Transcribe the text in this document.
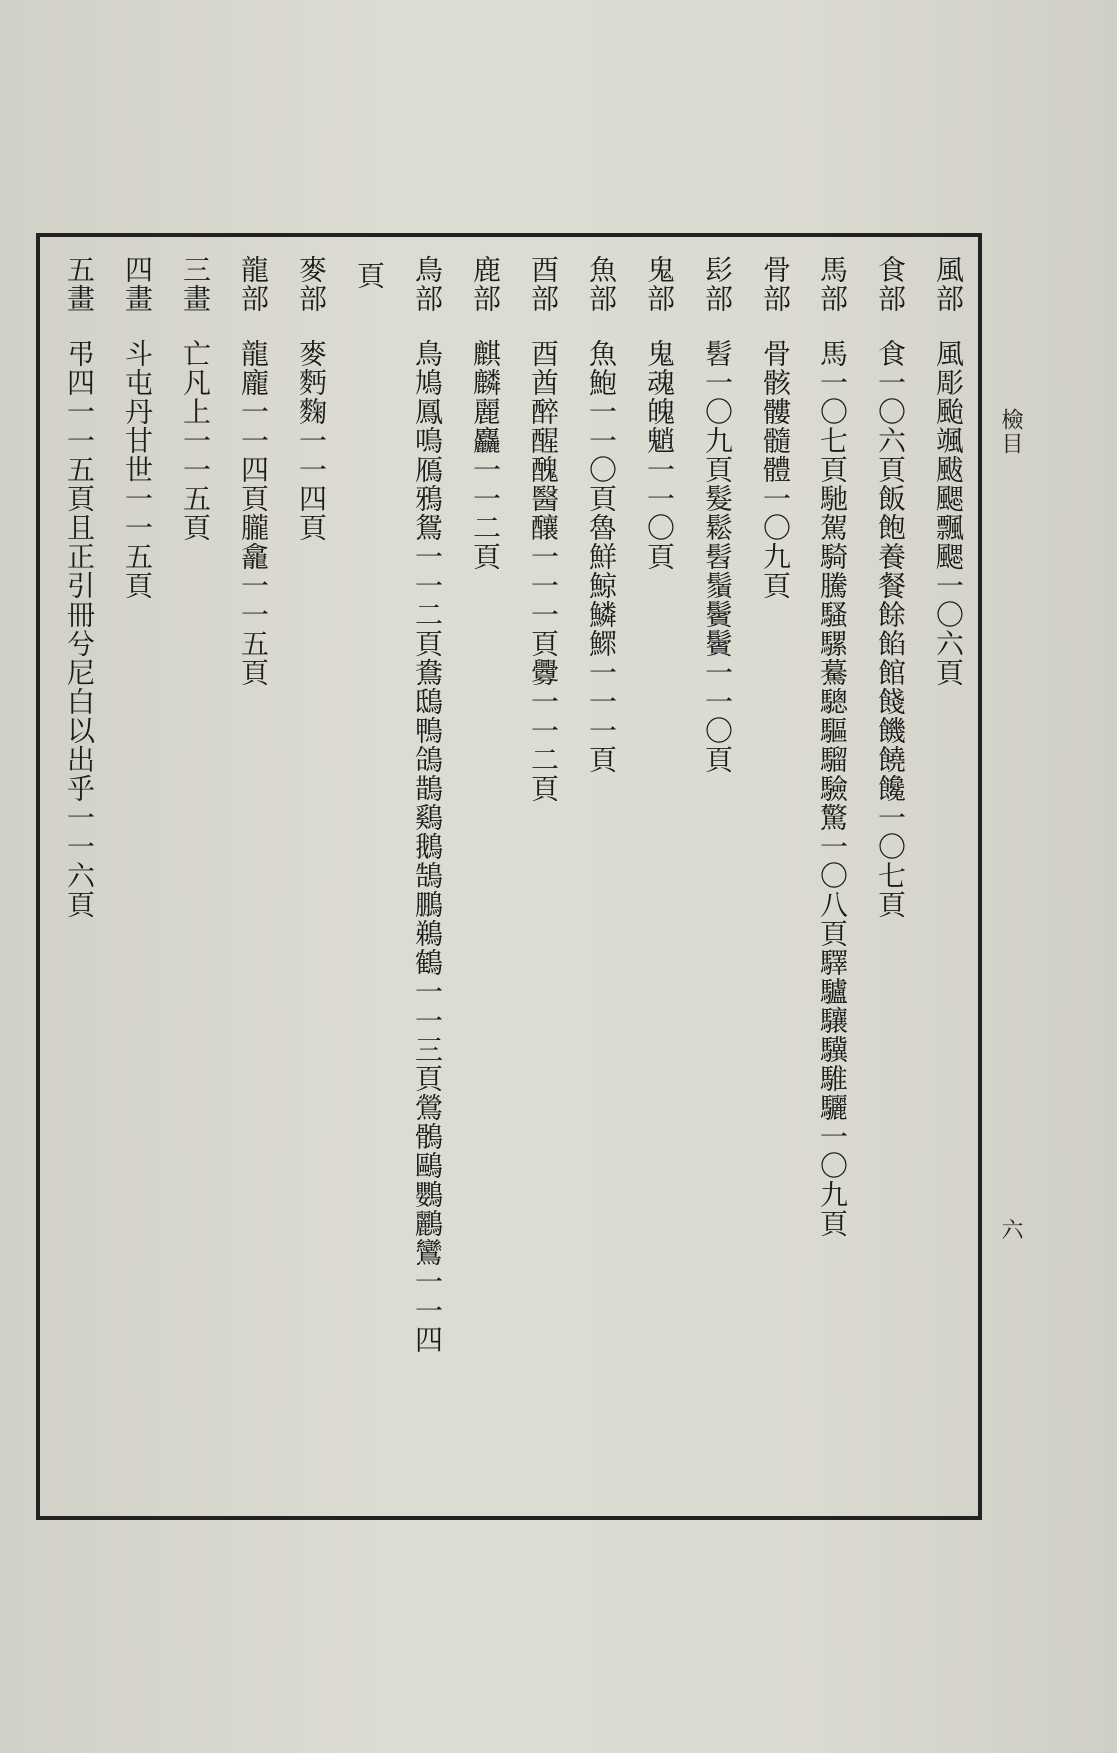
檢目
六
風部風彫颱颯颰颸飄颸一〇六頁
食部食一〇六頁飯飽養餐餘餡館餞饑饒饞一〇七頁
馬部馬一〇七頁馳駕騎騰騷騾驀驄驅騮驗驚一〇八頁驛驢驤驥騅驪一〇九頁
骨部骨骸髏髓體一〇九頁
髟部髫一〇九頁髮鬆髫鬚鬢鬢一一〇頁
鬼部鬼魂魄魈一一〇頁
魚部魚鮑一一〇頁魯鮮鯨鱗鰥一一一頁
酉部酉酋醉醒醜醫釀一一一頁釁一一二頁
鹿部麒麟麗麤一一二頁
鳥部鳥鳩鳳鳴鴈鴉鴛一一二頁鴦鴟鴨鴿鵲鷄鵝鵠鵬鵜鶴一一三頁鶯鶻鷗鸚鸝鸞一一四
頁
麥部麥麪麴一一四頁
龍部龍龐一一四頁朧龕一一五頁
三畫亡凡上一一五頁
四畫斗屯丹甘世一一五頁
五畫弔四一一五頁且正引冊兮尼白以出乎一一六頁
